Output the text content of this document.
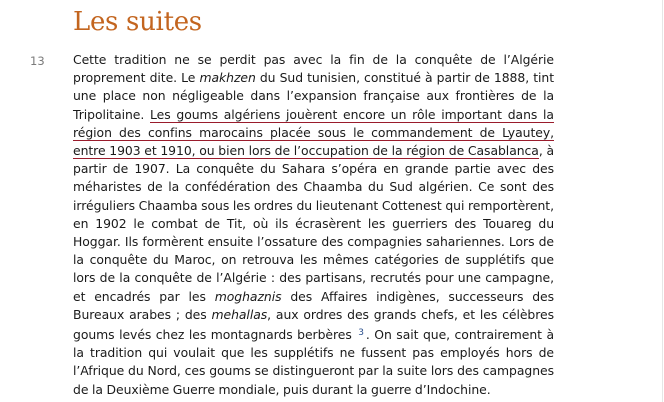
Les suites
13 Cette tradition ne se perdit pas avec la fin de la conquête de l’Algérie proprement dite. Le makhzen du Sud tunisien, constitué à partir de 1888, tint une place non négligeable dans l’expansion française aux frontières de la Tripolitaine. Les goums algériens jouèrent encore un rôle important dans la région des confins marocains placée sous le commandement de Lyautey, entre 1903 et 1910, ou bien lors de l’occupation de la région de Casablanca, à partir de 1907. La conquête du Sahara s’opéra en grande partie avec des méharistes de la confédération des Chaamba du Sud algérien. Ce sont des irréguliers Chaamba sous les ordres du lieutenant Cottenest qui remportèrent, en 1902 le combat de Tit, où ils écrasèrent les guerriers des Touareg du Hoggar. Ils formèrent ensuite l’ossature des compagnies sahariennes. Lors de la conquête du Maroc, on retrouva les mêmes catégories de supplétifs que lors de la conquête de l’Algérie : des partisans, recrutés pour une campagne, et encadrés par les moghaznis des Affaires indigènes, successeurs des Bureaux arabes ; des mehallas, aux ordres des grands chefs, et les célèbres goums levés chez les montagnards berbères $^3$ . On sait que, contrairement à la tradition qui voulait que les supplétifs ne fussent pas employés hors de l’Afrique du Nord, ces goums se distingueront par la suite lors des campagnes de la Deuxième Guerre mondiale, puis durant la guerre d’Indochine.
